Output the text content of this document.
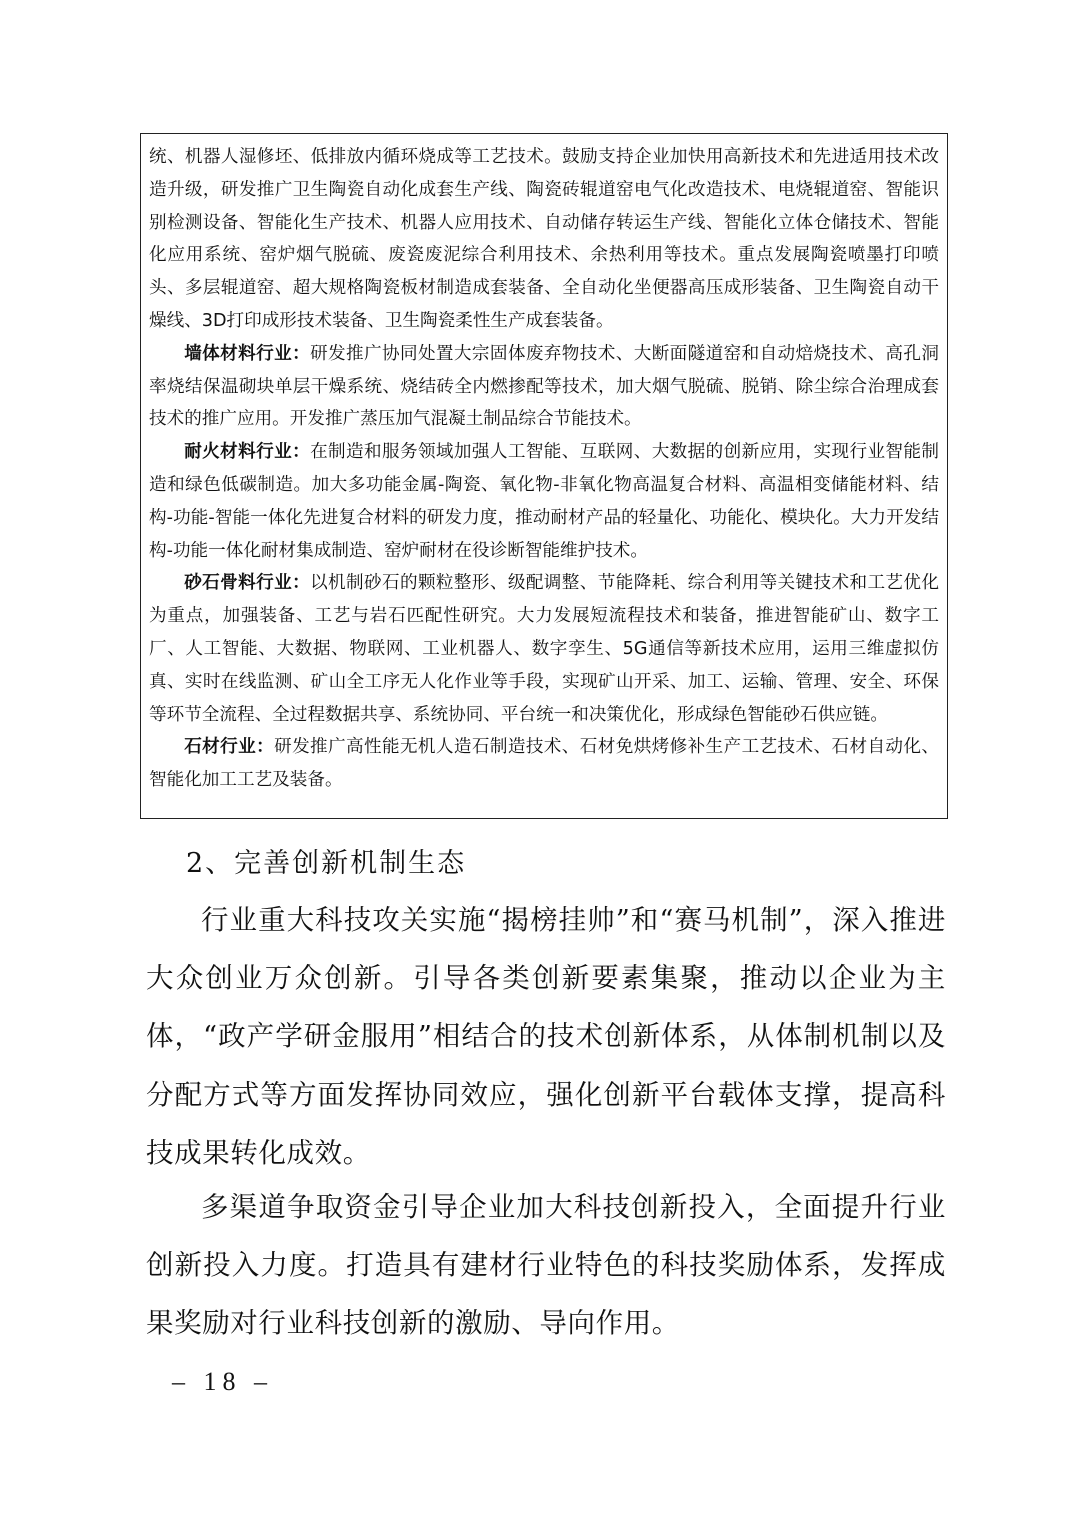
统、机器人湿修坯、低排放内循环烧成等工艺技术。鼓励支持企业加快用高新技术和先进适用技术改造升级，研发推广卫生陶瓷自动化成套生产线、陶瓷砖辊道窑电气化改造技术、电烧辊道窑、智能识别检测设备、智能化生产技术、机器人应用技术、自动储存转运生产线、智能化立体仓储技术、智能化应用系统、窑炉烟气脱硫、废瓷废泥综合利用技术、余热利用等技术。重点发展陶瓷喷墨打印喷头、多层辊道窑、超大规格陶瓷板材制造成套装备、全自动化坐便器高压成形装备、卫生陶瓷自动干燥线、3D打印成形技术装备、卫生陶瓷柔性生产成套装备。

墙体材料行业：研发推广协同处置大宗固体废弃物技术、大断面隧道窑和自动焙烧技术、高孔洞率烧结保温砌块单层干燥系统、烧结砖全内燃掺配等技术，加大烟气脱硫、脱销、除尘综合治理成套技术的推广应用。开发推广蒸压加气混凝土制品综合节能技术。

耐火材料行业：在制造和服务领域加强人工智能、互联网、大数据的创新应用，实现行业智能制造和绿色低碳制造。加大多功能金属-陶瓷、氧化物-非氧化物高温复合材料、高温相变储能材料、结构-功能-智能一体化先进复合材料的研发力度，推动耐材产品的轻量化、功能化、模块化。大力开发结构-功能一体化耐材集成制造、窑炉耐材在役诊断智能维护技术。

砂石骨料行业：以机制砂石的颗粒整形、级配调整、节能降耗、综合利用等关键技术和工艺优化为重点，加强装备、工艺与岩石匹配性研究。大力发展短流程技术和装备，推进智能矿山、数字工厂、人工智能、大数据、物联网、工业机器人、数字孪生、5G通信等新技术应用，运用三维虚拟仿真、实时在线监测、矿山全工序无人化作业等手段，实现矿山开采、加工、运输、管理、安全、环保等环节全流程、全过程数据共享、系统协同、平台统一和决策优化，形成绿色智能砂石供应链。

石材行业：研发推广高性能无机人造石制造技术、石材免烘烤修补生产工艺技术、石材自动化、智能化加工工艺及装备。

2、完善创新机制生态

行业重大科技攻关实施“揭榜挂帅”和“赛马机制”，深入推进大众创业万众创新。引导各类创新要素集聚，推动以企业为主体，“政产学研金服用”相结合的技术创新体系，从体制机制以及分配方式等方面发挥协同效应，强化创新平台载体支撑，提高科技成果转化成效。

多渠道争取资金引导企业加大科技创新投入，全面提升行业创新投入力度。打造具有建材行业特色的科技奖励体系，发挥成果奖励对行业科技创新的激励、导向作用。

– 18 –
